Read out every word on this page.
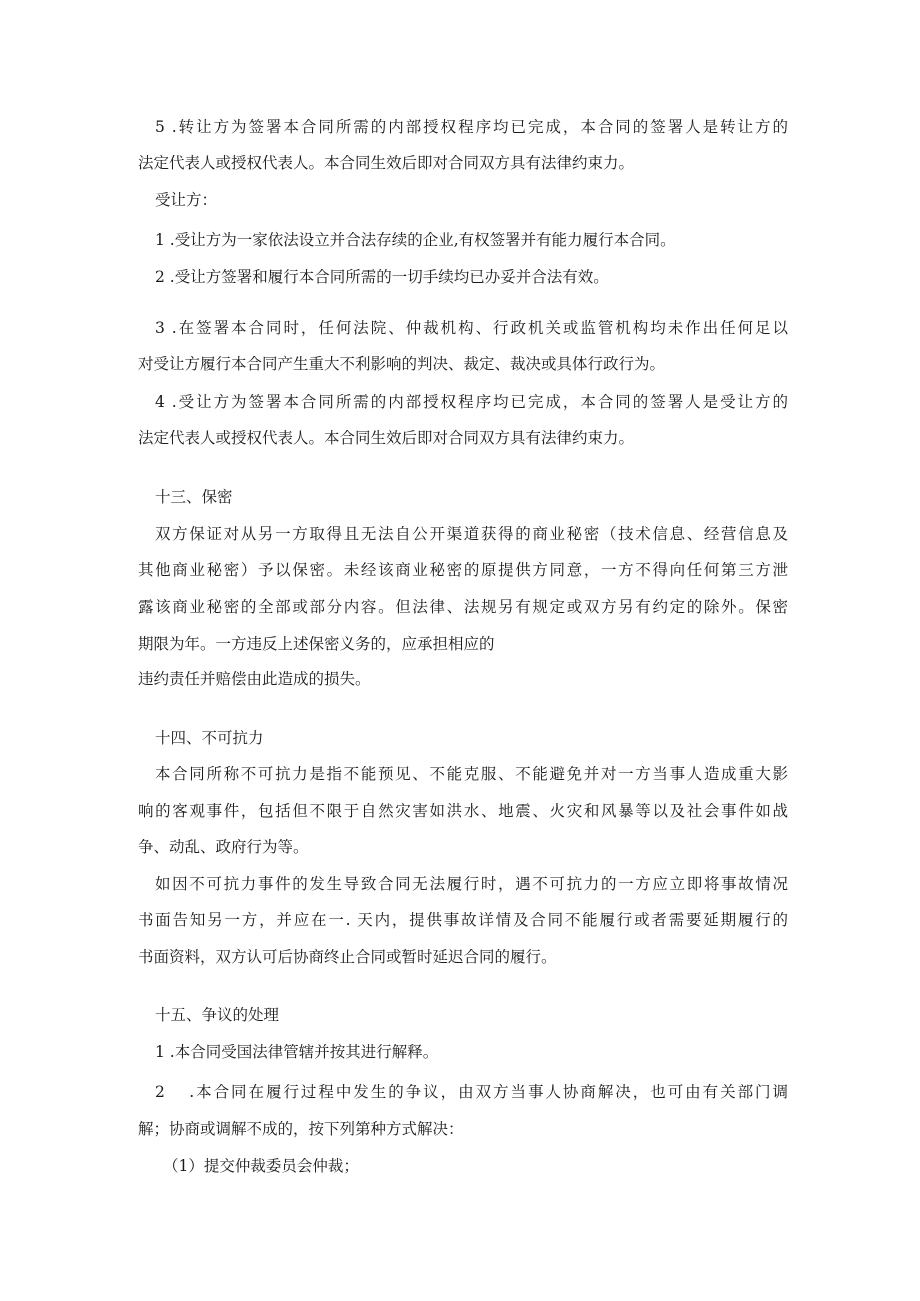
5 .转让方为签署本合同所需的内部授权程序均已完成，本合同的签署人是转让方的
法定代表人或授权代表人。本合同生效后即对合同双方具有法律约束力。
受让方：
1 .受让方为一家依法设立并合法存续的企业,有权签署并有能力履行本合同。
2 .受让方签署和履行本合同所需的一切手续均已办妥并合法有效。
3 .在签署本合同时，任何法院、仲裁机构、行政机关或监管机构均未作出任何足以
对受让方履行本合同产生重大不利影响的判决、裁定、裁决或具体行政行为。
4 .受让方为签署本合同所需的内部授权程序均已完成，本合同的签署人是受让方的
法定代表人或授权代表人。本合同生效后即对合同双方具有法律约束力。
十三、保密
双方保证对从另一方取得且无法自公开渠道获得的商业秘密（技术信息、经营信息及
其他商业秘密）予以保密。未经该商业秘密的原提供方同意，一方不得向任何第三方泄
露该商业秘密的全部或部分内容。但法律、法规另有规定或双方另有约定的除外。保密
期限为年。一方违反上述保密义务的，应承担相应的
违约责任并赔偿由此造成的损失。
十四、不可抗力
本合同所称不可抗力是指不能预见、不能克服、不能避免并对一方当事人造成重大影
响的客观事件，包括但不限于自然灾害如洪水、地震、火灾和风暴等以及社会事件如战
争、动乱、政府行为等。
如因不可抗力事件的发生导致合同无法履行时，遇不可抗力的一方应立即将事故情况
书面告知另一方，并应在一. 天内，提供事故详情及合同不能履行或者需要延期履行的
书面资料，双方认可后协商终止合同或暂时延迟合同的履行。
十五、争议的处理
1 .本合同受国法律管辖并按其进行解释。
2 　.本合同在履行过程中发生的争议，由双方当事人协商解决，也可由有关部门调
解；协商或调解不成的，按下列第种方式解决：
（1）提交仲裁委员会仲裁；
